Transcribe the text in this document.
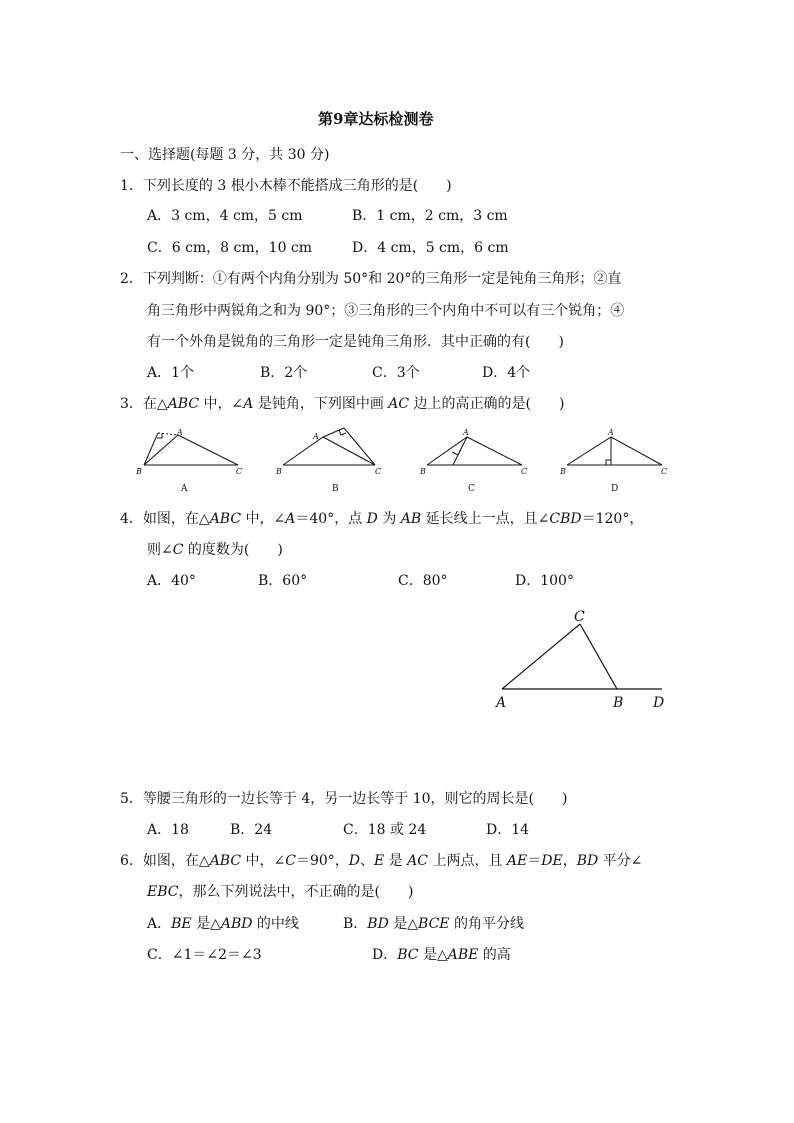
第9章达标检测卷
一、选择题(每题 3 分，共 30 分)
1．下列长度的 3 根小木棒不能搭成三角形的是(　　)
A．3 cm，4 cm，5 cm	B．1 cm，2 cm，3 cm
C．6 cm，8 cm，10 cm	D．4 cm，5 cm，6 cm
2．下列判断：①有两个内角分别为 50°和 20°的三角形一定是钝角三角形；②直
角三角形中两锐角之和为 90°；③三角形的三个内角中不可以有三个锐角；④
有一个外角是锐角的三角形一定是钝角三角形．其中正确的有(　　)
A．1个	B．2个	C．3个	D．4个
3．在△ABC 中，∠A 是钝角，下列图中画 AC 边上的高正确的是(　　)
A
B	C
A
B	C
A
B	C
A
B	C
A	B	C	D
4．如图，在△ABC 中，∠A＝40°，点 D 为 AB 延长线上一点，且∠CBD＝120°，
则∠C 的度数为(　　)
A．40°	B．60°	C．80°	D．100°
C
A	B D
5．等腰三角形的一边长等于 4，另一边长等于 10，则它的周长是(　　)
A．18	B．24	C．18 或 24	D．14
6．如图，在△ABC 中，∠C＝90°，D、E 是 AC 上两点，且 AE＝DE，BD 平分∠
EBC，那么下列说法中，不正确的是(　　)
A．BE 是△ABD 的中线	B．BD 是△BCE 的角平分线
C．∠1＝∠2＝∠3	D．BC 是△ABE 的高
